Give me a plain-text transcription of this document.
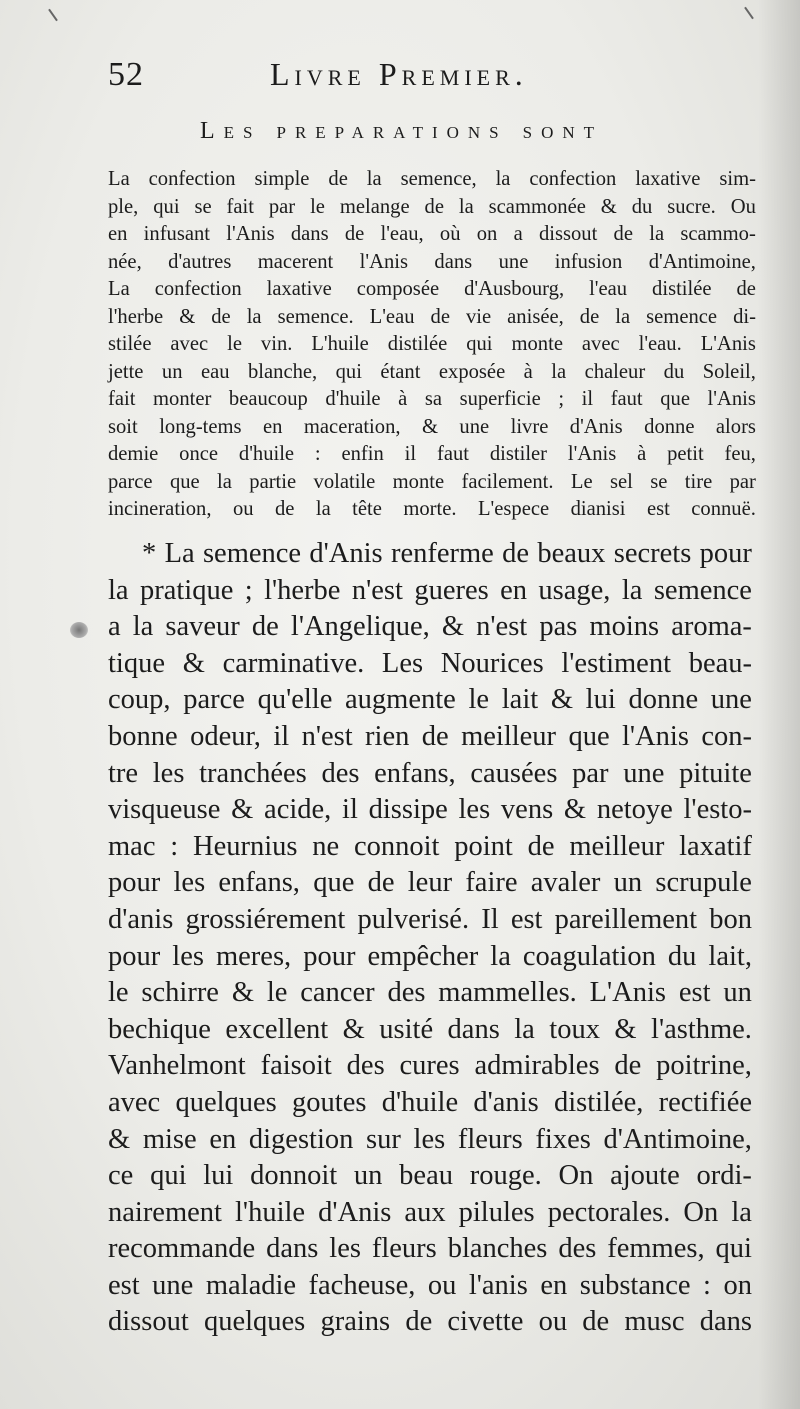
52	Livre Premier.
Les preparations sont
La confection simple de la semence, la confection laxative sim-
ple, qui se fait par le melange de la scammonée & du sucre. Ou
en infusant l'Anis dans de l'eau, où on a dissout de la scammo-
née, d'autres macerent l'Anis dans une infusion d'Antimoine,
La confection laxative composée d'Ausbourg, l'eau distilée de
l'herbe & de la semence. L'eau de vie anisée, de la semence di-
stilée avec le vin. L'huile distilée qui monte avec l'eau. L'Anis
jette un eau blanche, qui étant exposée à la chaleur du Soleil,
fait monter beaucoup d'huile à sa superficie ; il faut que l'Anis
soit long-tems en maceration, & une livre d'Anis donne alors
demie once d'huile : enfin il faut distiler l'Anis à petit feu,
parce que la partie volatile monte facilement. Le sel se tire par
incineration, ou de la tête morte. L'espece dianisi est connuë.
* La semence d'Anis renferme de beaux secrets pour
la pratique ; l'herbe n'est gueres en usage, la semence
a la saveur de l'Angelique, & n'est pas moins aroma-
tique & carminative. Les Nourices l'estiment beau-
coup, parce qu'elle augmente le lait & lui donne une
bonne odeur, il n'est rien de meilleur que l'Anis con-
tre les tranchées des enfans, causées par une pituite
visqueuse & acide, il dissipe les vens & netoye l'esto-
mac : Heurnius ne connoit point de meilleur laxatif
pour les enfans, que de leur faire avaler un scrupule
d'anis grossiérement pulverisé. Il est pareillement bon
pour les meres, pour empêcher la coagulation du lait,
le schirre & le cancer des mammelles. L'Anis est un
bechique excellent & usité dans la toux & l'asthme.
Vanhelmont faisoit des cures admirables de poitrine,
avec quelques goutes d'huile d'anis distilée, rectifiée
& mise en digestion sur les fleurs fixes d'Antimoine,
ce qui lui donnoit un beau rouge. On ajoute ordi-
nairement l'huile d'Anis aux pilules pectorales. On la
recommande dans les fleurs blanches des femmes, qui
est une maladie facheuse, ou l'anis en substance : on
dissout quelques grains de civette ou de musc dans
